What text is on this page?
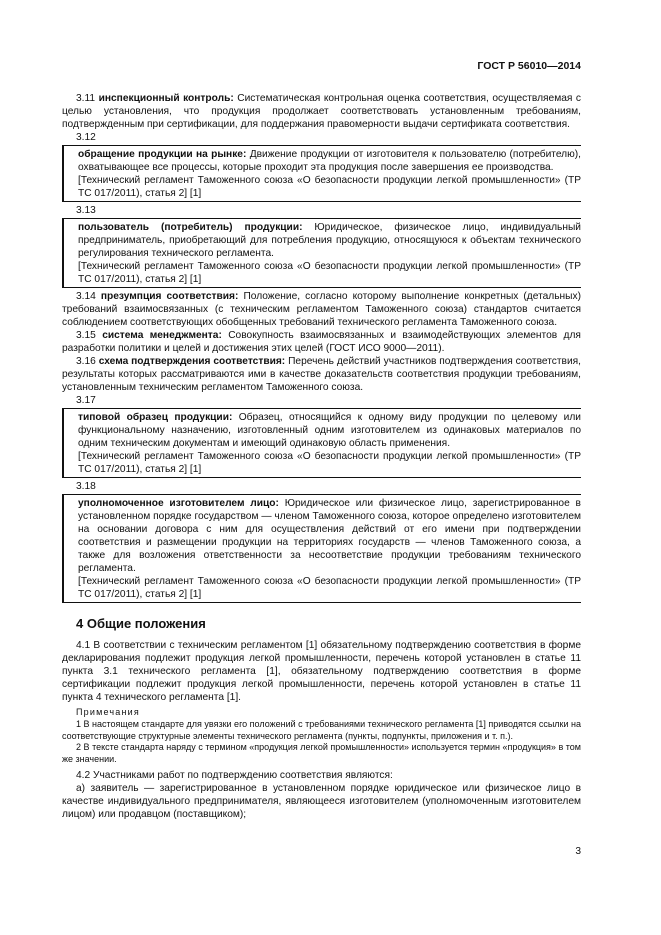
ГОСТ Р 56010—2014

3.11 инспекционный контроль: Систематическая контрольная оценка соответствия, осуществляемая с целью установления, что продукция продолжает соответствовать установленным требованиям, подтвержденным при сертификации, для поддержания правомерности выдачи сертификата соответствия.

3.12

обращение продукции на рынке: Движение продукции от изготовителя к пользователю (потребителю), охватывающее все процессы, которые проходит эта продукция после завершения ее производства.

[Технический регламент Таможенного союза «О безопасности продукции легкой промышленности» (ТР ТС 017/2011), статья 2] [1]

3.13

пользователь (потребитель) продукции: Юридическое, физическое лицо, индивидуальный предприниматель, приобретающий для потребления продукцию, относящуюся к объектам технического регулирования технического регламента.

[Технический регламент Таможенного союза «О безопасности продукции легкой промышленности» (ТР ТС 017/2011), статья 2] [1]

3.14 презумпция соответствия: Положение, согласно которому выполнение конкретных (детальных) требований взаимосвязанных (с техническим регламентом Таможенного союза) стандартов считается соблюдением соответствующих обобщенных требований технического регламента Таможенного союза.

3.15 система менеджмента: Совокупность взаимосвязанных и взаимодействующих элементов для разработки политики и целей и достижения этих целей (ГОСТ ИСО 9000—2011).

3.16 схема подтверждения соответствия: Перечень действий участников подтверждения соответствия, результаты которых рассматриваются ими в качестве доказательств соответствия продукции требованиям, установленным техническим регламентом Таможенного союза.

3.17

типовой образец продукции: Образец, относящийся к одному виду продукции по целевому или функциональному назначению, изготовленный одним изготовителем из одинаковых материалов по одним техническим документам и имеющий одинаковую область применения.

[Технический регламент Таможенного союза «О безопасности продукции легкой промышленности» (ТР ТС 017/2011), статья 2] [1]

3.18

уполномоченное изготовителем лицо: Юридическое или физическое лицо, зарегистрированное в установленном порядке государством — членом Таможенного союза, которое определено изготовителем на основании договора с ним для осуществления действий от его имени при подтверждении соответствия и размещении продукции на территориях государств — членов Таможенного союза, а также для возложения ответственности за несоответствие продукции требованиям технического регламента.

[Технический регламент Таможенного союза «О безопасности продукции легкой промышленности» (ТР ТС 017/2011), статья 2] [1]

4 Общие положения

4.1 В соответствии с техническим регламентом [1] обязательному подтверждению соответствия в форме декларирования подлежит продукция легкой промышленности, перечень которой установлен в статье 11 пункта 3.1 технического регламента [1], обязательному подтверждению соответствия в форме сертификации подлежит продукция легкой промышленности, перечень которой установлен в статье 11 пункта 4 технического регламента [1].

Примечания

1 В настоящем стандарте для увязки его положений с требованиями технического регламента [1] приводятся ссылки на соответствующие структурные элементы технического регламента (пункты, подпункты, приложения и т. п.).

2 В тексте стандарта наряду с термином «продукция легкой промышленности» используется термин «продукция» в том же значении.

4.2 Участниками работ по подтверждению соответствия являются:

а) заявитель — зарегистрированное в установленном порядке юридическое или физическое лицо в качестве индивидуального предпринимателя, являющееся изготовителем (уполномоченным изготовителем лицом) или продавцом (поставщиком);

3
